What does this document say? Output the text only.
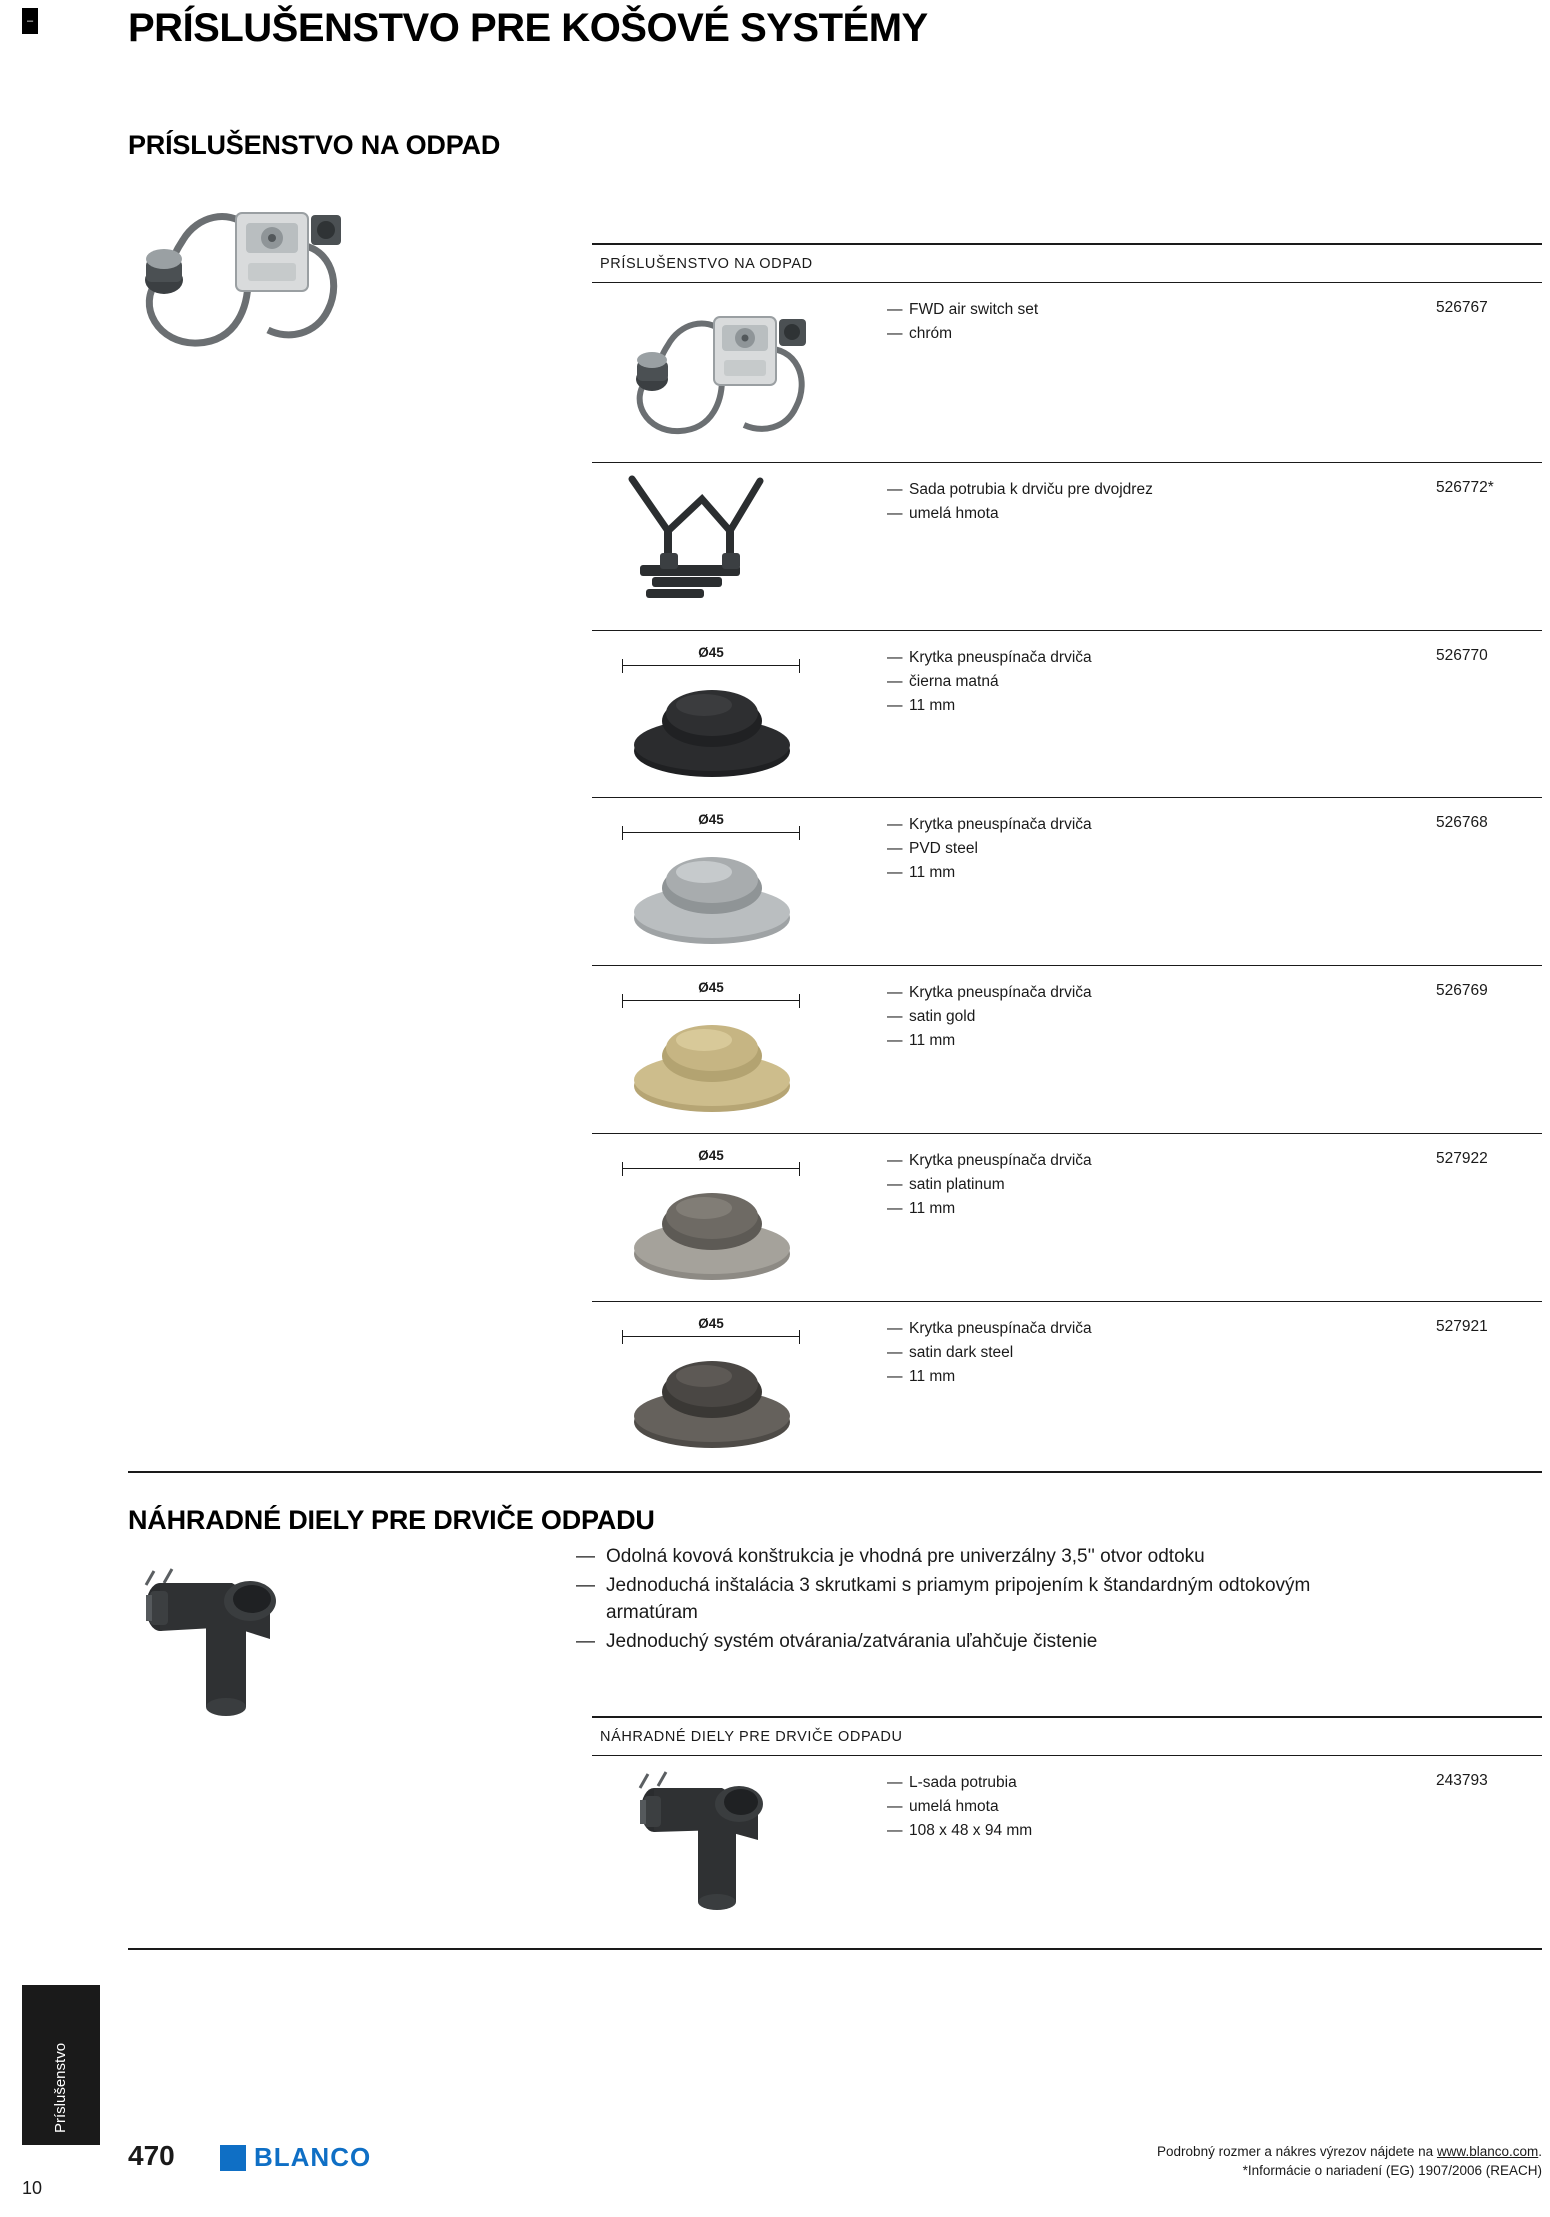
– PRÍSLUŠENSTVO PRE KOŠOVÉ SYSTÉMY
PRÍSLUŠENSTVO NA ODPAD
PRÍSLUŠENSTVO NA ODPAD
— FWD air switch set
— chróm
526767
— Sada potrubia k drviču pre dvojdrez
— umelá hmota
526772*
Ø45	— Krytka pneuspínača drviča
— čierna matná
— 11 mm
526770
Ø45	— Krytka pneuspínača drviča
— PVD steel
— 11 mm
526768
Ø45	— Krytka pneuspínača drviča
— satin gold
— 11 mm
526769
Ø45	— Krytka pneuspínača drviča
— satin platinum
— 11 mm
527922
Ø45	— Krytka pneuspínača drviča
— satin dark steel
— 11 mm
527921
NÁHRADNÉ DIELY PRE DRVIČE ODPADU
— Odolná kovová konštrukcia je vhodná pre univerzálny 3,5'' otvor odtoku
— Jednoduchá inštalácia 3 skrutkami s priamym pripojením k štandardným odtokovým armatúram
— Jednoduchý systém otvárania/zatvárania uľahčuje čistenie
NÁHRADNÉ DIELY PRE DRVIČE ODPADU
— L-sada potrubia
— umelá hmota
— 108 x 48 x 94 mm
243793
Príslušenstvo
470
10
BLANCO	Podrobný rozmer a nákres výrezov nájdete na www.blanco.com.
*Informácie o nariadení (EG) 1907/2006 (REACH)
